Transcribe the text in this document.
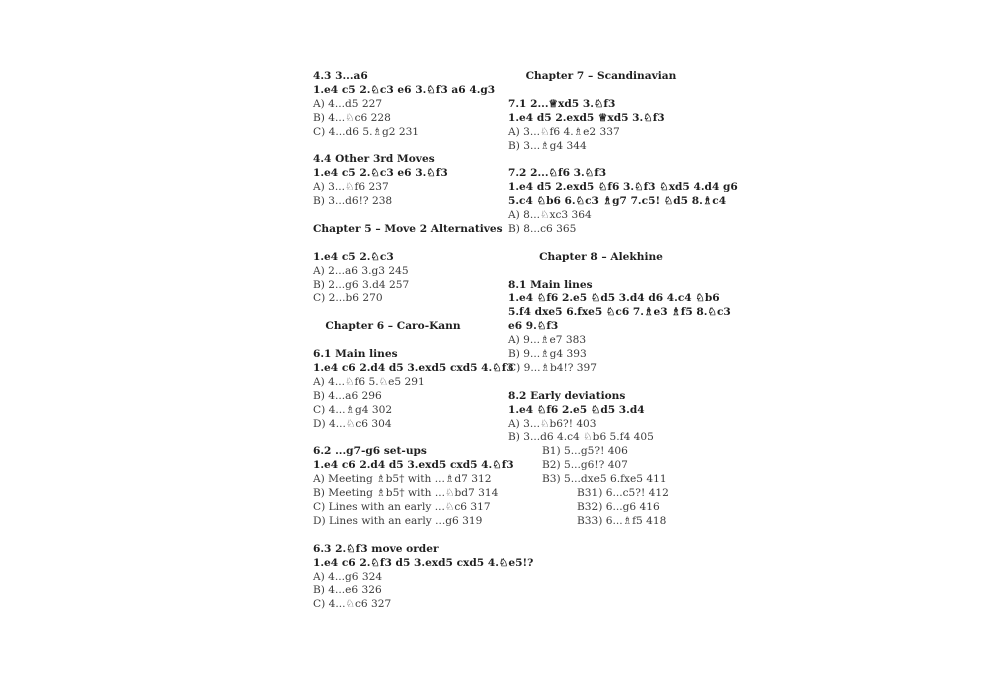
4.3 3...a6
1.e4 c5 2.♘c3 e6 3.♘f3 a6 4.g3
A) 4...d5 227
B) 4...♘c6 228
C) 4...d6 5.♗g2 231
4.4 Other 3rd Moves
1.e4 c5 2.♘c3 e6 3.♘f3
A) 3...♘f6 237
B) 3...d6!? 238
Chapter 5 – Move 2 Alternatives
1.e4 c5 2.♘c3
A) 2...a6 3.g3 245
B) 2...g6 3.d4 257
C) 2...b6 270
Chapter 6 – Caro-Kann
6.1 Main lines
1.e4 c6 2.d4 d5 3.exd5 cxd5 4.♘f3
A) 4...♘f6 5.♘e5 291
B) 4...a6 296
C) 4...♗g4 302
D) 4...♘c6 304
6.2 ...g7-g6 set-ups
1.e4 c6 2.d4 d5 3.exd5 cxd5 4.♘f3
A) Meeting ♗b5† with ...♗d7 312
B) Meeting ♗b5† with ...♘bd7 314
C) Lines with an early ...♘c6 317
D) Lines with an early ...g6 319
6.3 2.♘f3 move order
1.e4 c6 2.♘f3 d5 3.exd5 cxd5 4.♘e5!?
A) 4...g6 324
B) 4...e6 326
C) 4...♘c6 327
Chapter 7 – Scandinavian
7.1 2...♕xd5 3.♘f3
1.e4 d5 2.exd5 ♕xd5 3.♘f3
A) 3...♘f6 4.♗e2 337
B) 3...♗g4 344
7.2 2...♘f6 3.♘f3
1.e4 d5 2.exd5 ♘f6 3.♘f3 ♘xd5 4.d4 g6
5.c4 ♘b6 6.♘c3 ♗g7 7.c5! ♘d5 8.♗c4
A) 8...♘xc3 364
B) 8...c6 365
Chapter 8 – Alekhine
8.1 Main lines
1.e4 ♘f6 2.e5 ♘d5 3.d4 d6 4.c4 ♘b6
5.f4 dxe5 6.fxe5 ♘c6 7.♗e3 ♗f5 8.♘c3
e6 9.♘f3
A) 9...♗e7 383
B) 9...♗g4 393
C) 9...♗b4!? 397
8.2 Early deviations
1.e4 ♘f6 2.e5 ♘d5 3.d4
A) 3...♘b6?! 403
B) 3...d6 4.c4 ♘b6 5.f4 405
B1) 5...g5?! 406
B2) 5...g6!? 407
B3) 5...dxe5 6.fxe5 411
B31) 6...c5?! 412
B32) 6...g6 416
B33) 6...♗f5 418
